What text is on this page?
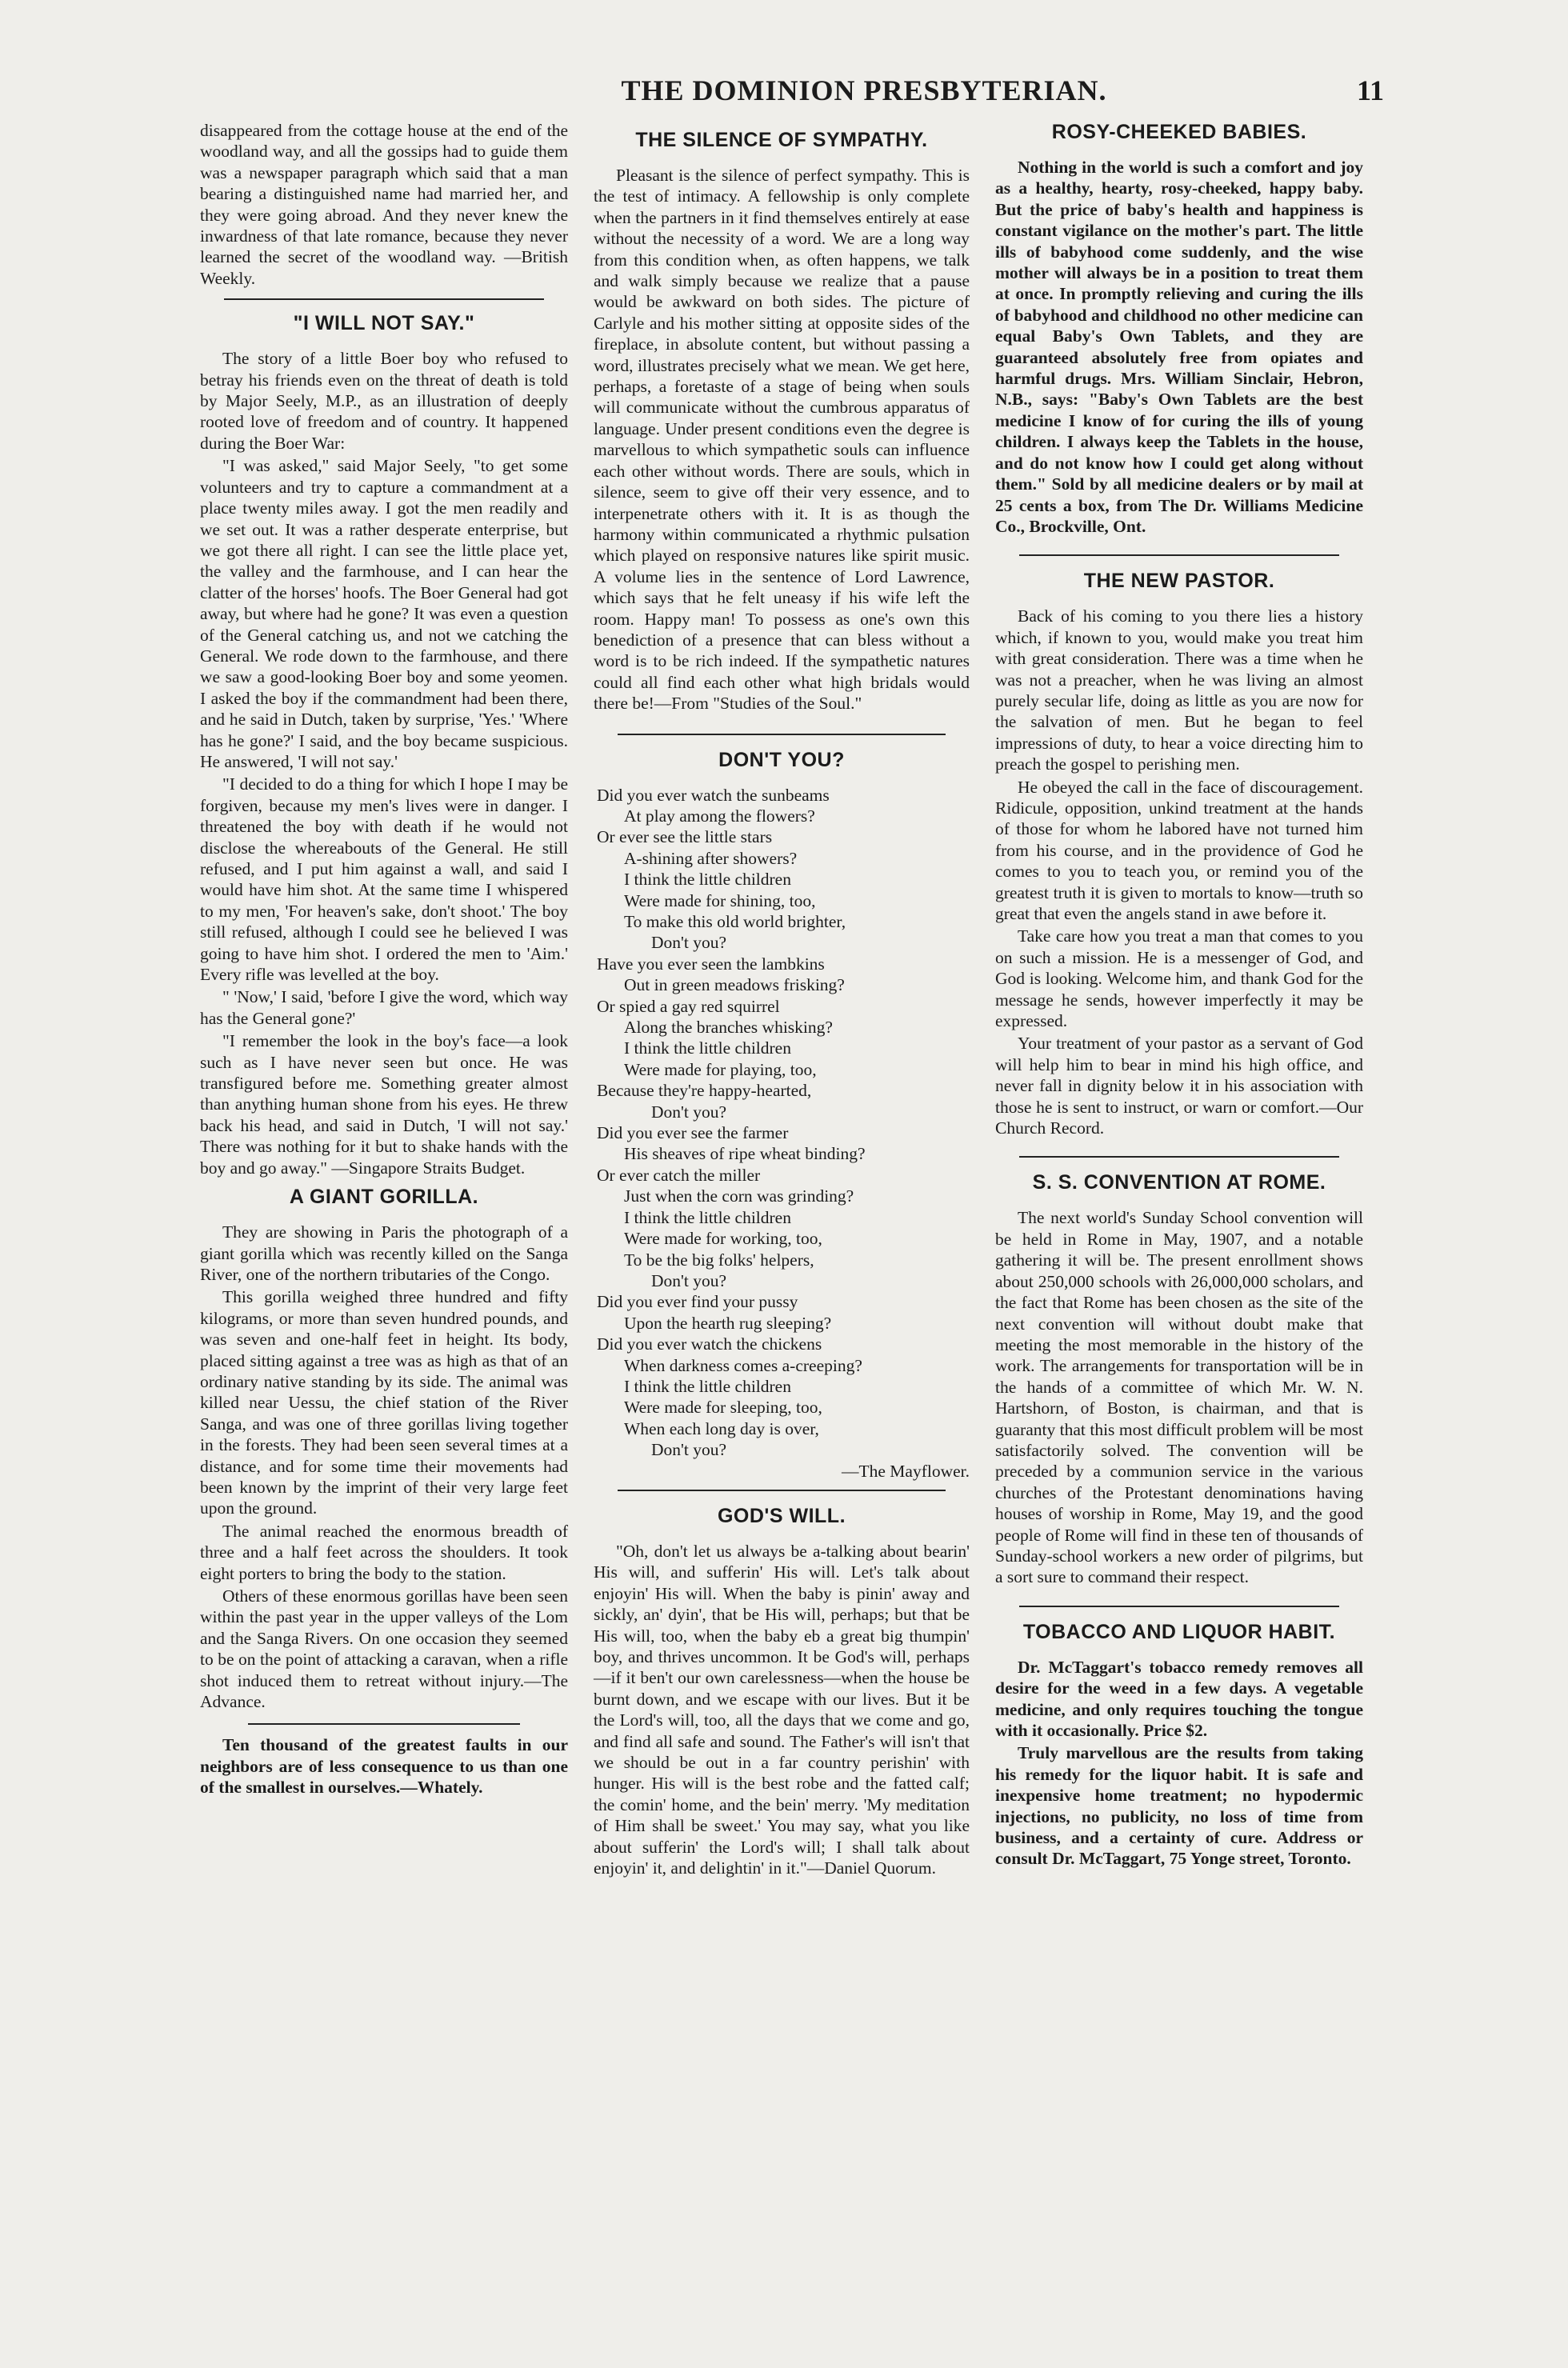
THE DOMINION PRESBYTERIAN.	11

disappeared from the cottage house at the end of the woodland way, and all the gossips had to guide them was a newspaper paragraph which said that a man bearing a distinguished name had married her, and they were going abroad. And they never knew the inwardness of that late romance, because they never learned the secret of the woodland way. —British Weekly.

"I WILL NOT SAY."

The story of a little Boer boy who refused to betray his friends even on the threat of death is told by Major Seely, M.P., as an illustration of deeply rooted love of freedom and of country. It happened during the Boer War:

"I was asked," said Major Seely, "to get some volunteers and try to capture a commandment at a place twenty miles away. I got the men readily and we set out. It was a rather desperate enterprise, but we got there all right. I can see the little place yet, the valley and the farmhouse, and I can hear the clatter of the horses' hoofs. The Boer General had got away, but where had he gone? It was even a question of the General catching us, and not we catching the General. We rode down to the farmhouse, and there we saw a good-looking Boer boy and some yeomen. I asked the boy if the commandment had been there, and he said in Dutch, taken by surprise, 'Yes.' 'Where has he gone?' I said, and the boy became suspicious. He answered, 'I will not say.'

"I decided to do a thing for which I hope I may be forgiven, because my men's lives were in danger. I threatened the boy with death if he would not disclose the whereabouts of the General. He still refused, and I put him against a wall, and said I would have him shot. At the same time I whispered to my men, 'For heaven's sake, don't shoot.' The boy still refused, although I could see he believed I was going to have him shot. I ordered the men to 'Aim.' Every rifle was levelled at the boy.

" 'Now,' I said, 'before I give the word, which way has the General gone?'

"I remember the look in the boy's face—a look such as I have never seen but once. He was transfigured before me. Something greater almost than anything human shone from his eyes. He threw back his head, and said in Dutch, 'I will not say.' There was nothing for it but to shake hands with the boy and go away." —Singapore Straits Budget.

A GIANT GORILLA.

They are showing in Paris the photograph of a giant gorilla which was recently killed on the Sanga River, one of the northern tributaries of the Congo.

This gorilla weighed three hundred and fifty kilograms, or more than seven hundred pounds, and was seven and one-half feet in height. Its body, placed sitting against a tree was as high as that of an ordinary native standing by its side. The animal was killed near Uessu, the chief station of the River Sanga, and was one of three gorillas living together in the forests. They had been seen several times at a distance, and for some time their movements had been known by the imprint of their very large feet upon the ground.

The animal reached the enormous breadth of three and a half feet across the shoulders. It took eight porters to bring the body to the station.

Others of these enormous gorillas have been seen within the past year in the upper valleys of the Lom and the Sanga Rivers. On one occasion they seemed to be on the point of attacking a caravan, when a rifle shot induced them to retreat without injury.—The Advance.

Ten thousand of the greatest faults in our neighbors are of less consequence to us than one of the smallest in ourselves.—Whately.

THE SILENCE OF SYMPATHY.

Pleasant is the silence of perfect sympathy. This is the test of intimacy. A fellowship is only complete when the partners in it find themselves entirely at ease without the necessity of a word. We are a long way from this condition when, as often happens, we talk and walk simply because we realize that a pause would be awkward on both sides. The picture of Carlyle and his mother sitting at opposite sides of the fireplace, in absolute content, but without passing a word, illustrates precisely what we mean. We get here, perhaps, a foretaste of a stage of being when souls will communicate without the cumbrous apparatus of language. Under present conditions even the degree is marvellous to which sympathetic souls can influence each other without words. There are souls, which in silence, seem to give off their very essence, and to interpenetrate others with it. It is as though the harmony within communicated a rhythmic pulsation which played on responsive natures like spirit music. A volume lies in the sentence of Lord Lawrence, which says that he felt uneasy if his wife left the room. Happy man! To possess as one's own this benediction of a presence that can bless without a word is to be rich indeed. If the sympathetic natures could all find each other what high bridals would there be!—From "Studies of the Soul."

DON'T YOU?
Did you ever watch the sunbeams
At play among the flowers?
Or ever see the little stars
A-shining after showers?
I think the little children
Were made for shining, too,
To make this old world brighter,
Don't you?
Have you ever seen the lambkins
Out in green meadows frisking?
Or spied a gay red squirrel
Along the branches whisking?
I think the little children
Were made for playing, too,
Because they're happy-hearted,
Don't you?
Did you ever see the farmer
His sheaves of ripe wheat binding?
Or ever catch the miller
Just when the corn was grinding?
I think the little children
Were made for working, too,
To be the big folks' helpers,
Don't you?
Did you ever find your pussy
Upon the hearth rug sleeping?
Did you ever watch the chickens
When darkness comes a-creeping?
I think the little children
Were made for sleeping, too,
When each long day is over,
Don't you?
—The Mayflower.
GOD'S WILL.

"Oh, don't let us always be a-talking about bearin' His will, and sufferin' His will. Let's talk about enjoyin' His will. When the baby is pinin' away and sickly, an' dyin', that be His will, perhaps; but that be His will, too, when the baby eb a great big thumpin' boy, and thrives uncommon. It be God's will, perhaps—if it ben't our own carelessness—when the house be burnt down, and we escape with our lives. But it be the Lord's will, too, all the days that we come and go, and find all safe and sound. The Father's will isn't that we should be out in a far country perishin' with hunger. His will is the best robe and the fatted calf; the comin' home, and the bein' merry. 'My meditation of Him shall be sweet.' You may say, what you like about sufferin' the Lord's will; I shall talk about enjoyin' it, and delightin' in it."—Daniel Quorum.

ROSY-CHEEKED BABIES.

Nothing in the world is such a comfort and joy as a healthy, hearty, rosy-cheeked, happy baby. But the price of baby's health and happiness is constant vigilance on the mother's part. The little ills of babyhood come suddenly, and the wise mother will always be in a position to treat them at once. In promptly relieving and curing the ills of babyhood and childhood no other medicine can equal Baby's Own Tablets, and they are guaranteed absolutely free from opiates and harmful drugs. Mrs. William Sinclair, Hebron, N.B., says: "Baby's Own Tablets are the best medicine I know of for curing the ills of young children. I always keep the Tablets in the house, and do not know how I could get along without them." Sold by all medicine dealers or by mail at 25 cents a box, from The Dr. Williams Medicine Co., Brockville, Ont.

THE NEW PASTOR.

Back of his coming to you there lies a history which, if known to you, would make you treat him with great consideration. There was a time when he was not a preacher, when he was living an almost purely secular life, doing as little as you are now for the salvation of men. But he began to feel impressions of duty, to hear a voice directing him to preach the gospel to perishing men.

He obeyed the call in the face of discouragement. Ridicule, opposition, unkind treatment at the hands of those for whom he labored have not turned him from his course, and in the providence of God he comes to you to teach you, or remind you of the greatest truth it is given to mortals to know—truth so great that even the angels stand in awe before it.

Take care how you treat a man that comes to you on such a mission. He is a messenger of God, and God is looking. Welcome him, and thank God for the message he sends, however imperfectly it may be expressed.

Your treatment of your pastor as a servant of God will help him to bear in mind his high office, and never fall in dignity below it in his association with those he is sent to instruct, or warn or comfort.—Our Church Record.

S. S. CONVENTION AT ROME.

The next world's Sunday School convention will be held in Rome in May, 1907, and a notable gathering it will be. The present enrollment shows about 250,000 schools with 26,000,000 scholars, and the fact that Rome has been chosen as the site of the next convention will without doubt make that meeting the most memorable in the history of the work. The arrangements for transportation will be in the hands of a committee of which Mr. W. N. Hartshorn, of Boston, is chairman, and that is guaranty that this most difficult problem will be most satisfactorily solved. The convention will be preceded by a communion service in the various churches of the Protestant denominations having houses of worship in Rome, May 19, and the good people of Rome will find in these ten of thousands of Sunday-school workers a new order of pilgrims, but a sort sure to command their respect.

TOBACCO AND LIQUOR HABIT.

Dr. McTaggart's tobacco remedy removes all desire for the weed in a few days. A vegetable medicine, and only requires touching the tongue with it occasionally. Price $2.

Truly marvellous are the results from taking his remedy for the liquor habit. It is safe and inexpensive home treatment; no hypodermic injections, no publicity, no loss of time from business, and a certainty of cure. Address or consult Dr. McTaggart, 75 Yonge street, Toronto.
